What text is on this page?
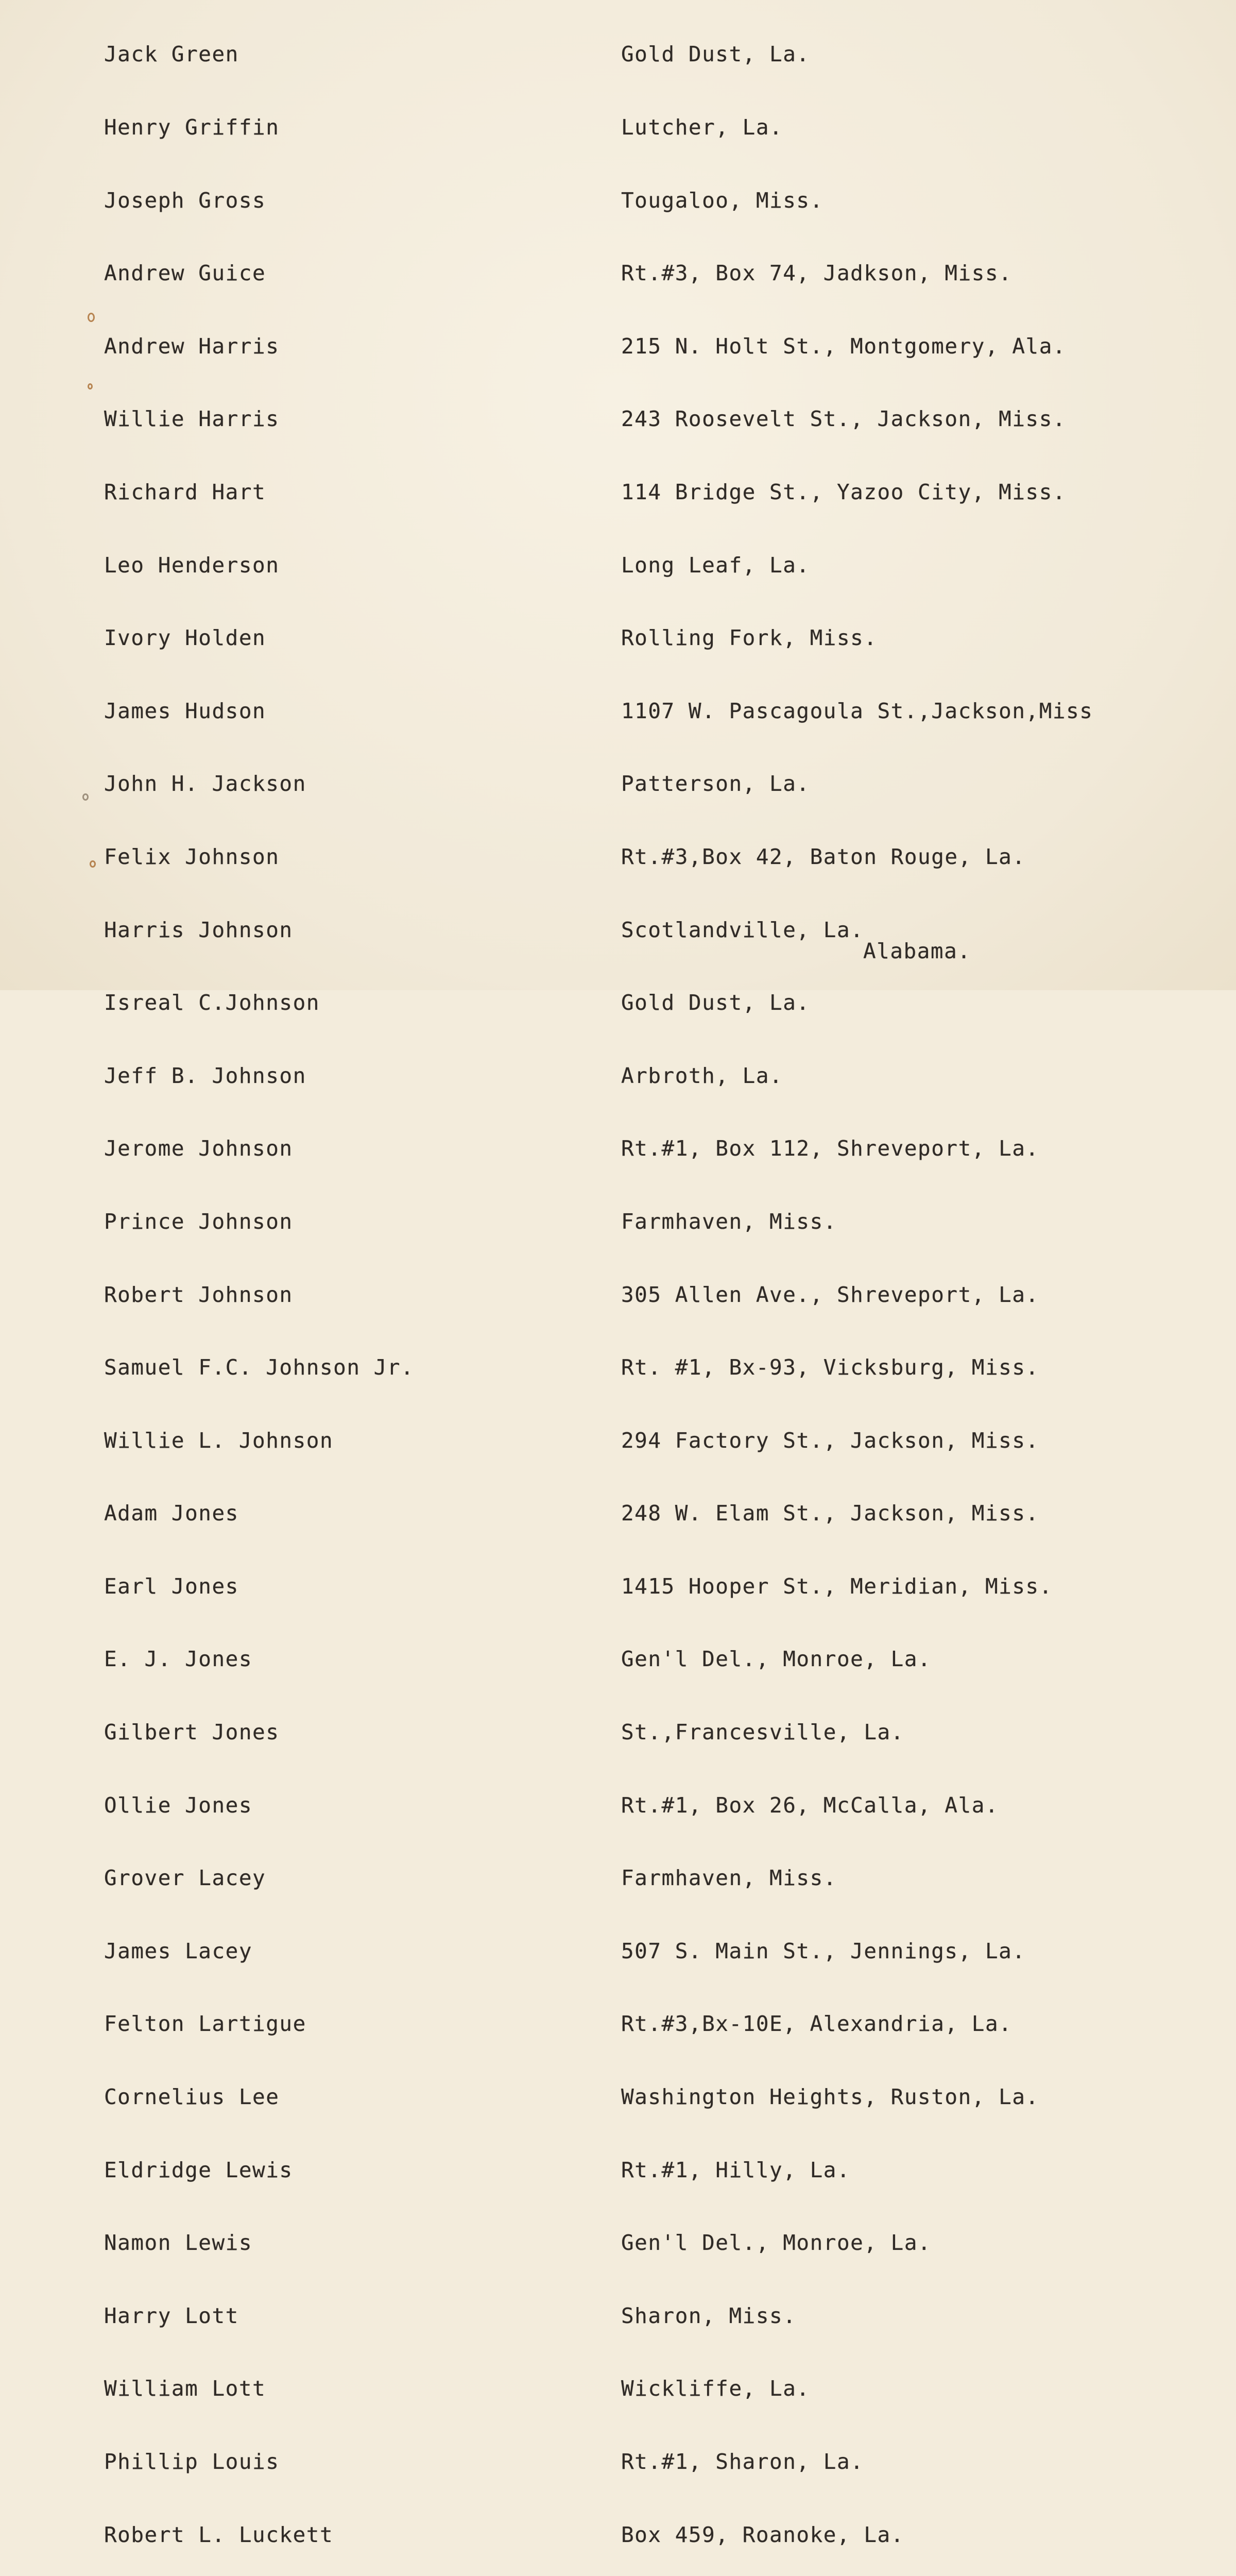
Jack Green

Henry Griffin

Joseph Gross

Andrew Guice

Andrew Harris

Willie Harris

Richard Hart

Leo Henderson

Ivory Holden

James Hudson

John H. Jackson

Felix Johnson

Harris Johnson

Isreal C.Johnson

Jeff B. Johnson

Jerome Johnson

Prince Johnson

Robert Johnson

Samuel F.C. Johnson Jr.

Willie L. Johnson

Adam Jones

Earl Jones

E. J. Jones

Gilbert Jones

Ollie Jones

Grover Lacey

James Lacey

Felton Lartigue

Cornelius Lee

Eldridge Lewis

Namon Lewis

Harry Lott

William Lott

Phillip Louis

Robert L. Luckett

Gold Dust, La.

Lutcher, La.

Tougaloo, Miss.

Rt.#3, Box 74, Jadkson, Miss.

215 N. Holt St., Montgomery, Ala.

243 Roosevelt St., Jackson, Miss.

114 Bridge St., Yazoo City, Miss.

Long Leaf, La.

Rolling Fork, Miss.

1107 W. Pascagoula St.,Jackson,Miss

Patterson, La.

Rt.#3,Box 42, Baton Rouge, La.

Scotlandville, La.

Gold Dust, La.

Arbroth, La.

Rt.#1, Box 112, Shreveport, La.

Farmhaven, Miss.

305 Allen Ave., Shreveport, La.

Rt. #1, Bx-93, Vicksburg, Miss.

294 Factory St., Jackson, Miss.

248 W. Elam St., Jackson, Miss.

1415 Hooper St., Meridian, Miss.

Gen'l Del., Monroe, La.

St.,Francesville, La.

Rt.#1, Box 26, McCalla, Ala.

Farmhaven, Miss.

507 S. Main St., Jennings, La.

Rt.#3,Bx-10E, Alexandria, La.

Washington Heights, Ruston, La.

Rt.#1, Hilly, La.

Gen'l Del., Monroe, La.

Sharon, Miss.

Wickliffe, La.

Rt.#1, Sharon, La.

Box 459, Roanoke, La.

Alabama.
